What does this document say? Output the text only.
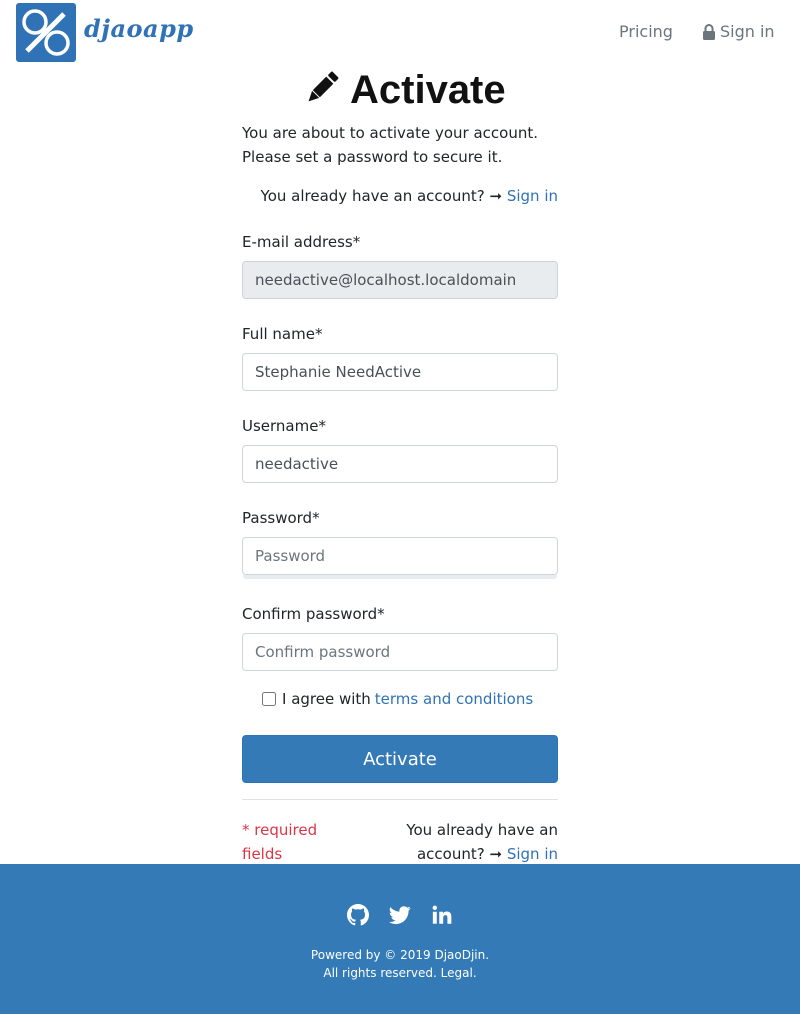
djaoapp	Pricing	Sign in
Activate
You are about to activate your account.
Please set a password to secure it.
You already have an account? ➞ Sign in
E-mail address*
needactive@localhost.localdomain
Full name*
Stephanie NeedActive
Username*
needactive
Password*
Confirm password*
I agree with terms and conditions
Activate
* required fields
You already have an account? ➞ Sign in
Powered by © 2019 DjaoDjin.
All rights reserved. Legal.
